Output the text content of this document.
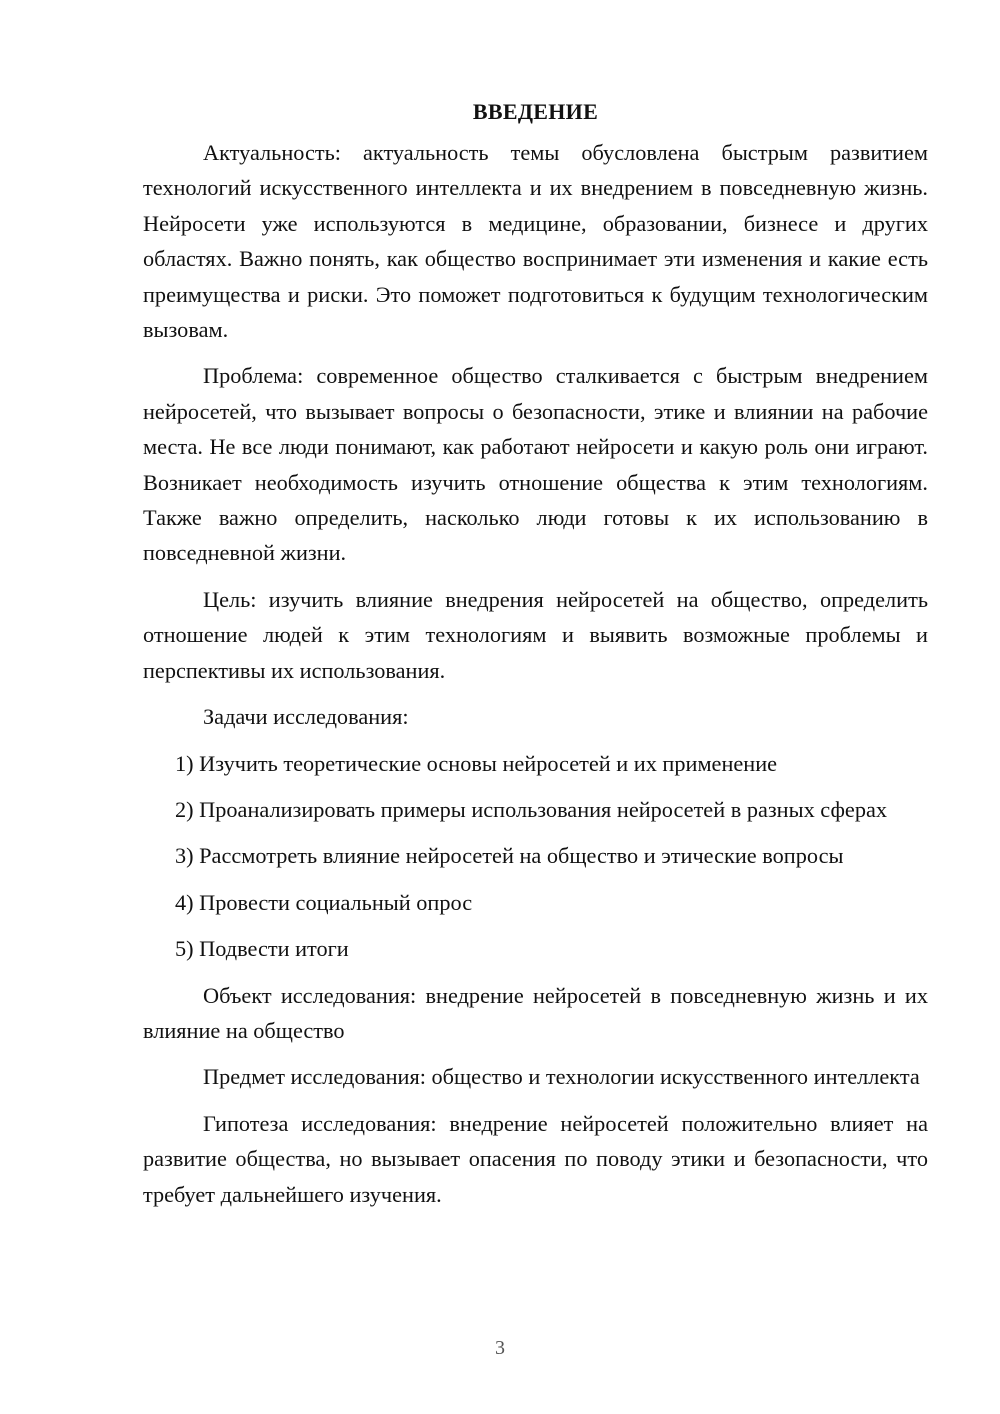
ВВЕДЕНИЕ

Актуальность: актуальность темы обусловлена быстрым развитием технологий искусственного интеллекта и их внедрением в повседневную жизнь. Нейросети уже используются в медицине, образовании, бизнесе и других областях. Важно понять, как общество воспринимает эти изменения и какие есть преимущества и риски. Это поможет подготовиться к будущим технологическим вызовам.

Проблема: современное общество сталкивается с быстрым внедрением нейросетей, что вызывает вопросы о безопасности, этике и влиянии на рабочие места. Не все люди понимают, как работают нейросети и какую роль они играют. Возникает необходимость изучить отношение общества к этим технологиям. Также важно определить, насколько люди готовы к их использованию в повседневной жизни.

Цель: изучить влияние внедрения нейросетей на общество, определить отношение людей к этим технологиям и выявить возможные проблемы и перспективы их использования.

Задачи исследования:

1) Изучить теоретические основы нейросетей и их применение

2) Проанализировать примеры использования нейросетей в разных сферах

3) Рассмотреть влияние нейросетей на общество и этические вопросы

4) Провести социальный опрос

5) Подвести итоги

Объект исследования: внедрение нейросетей в повседневную жизнь и их влияние на общество

Предмет исследования: общество и технологии искусственного интеллекта

Гипотеза исследования: внедрение нейросетей положительно влияет на развитие общества, но вызывает опасения по поводу этики и безопасности, что требует дальнейшего изучения.

3
